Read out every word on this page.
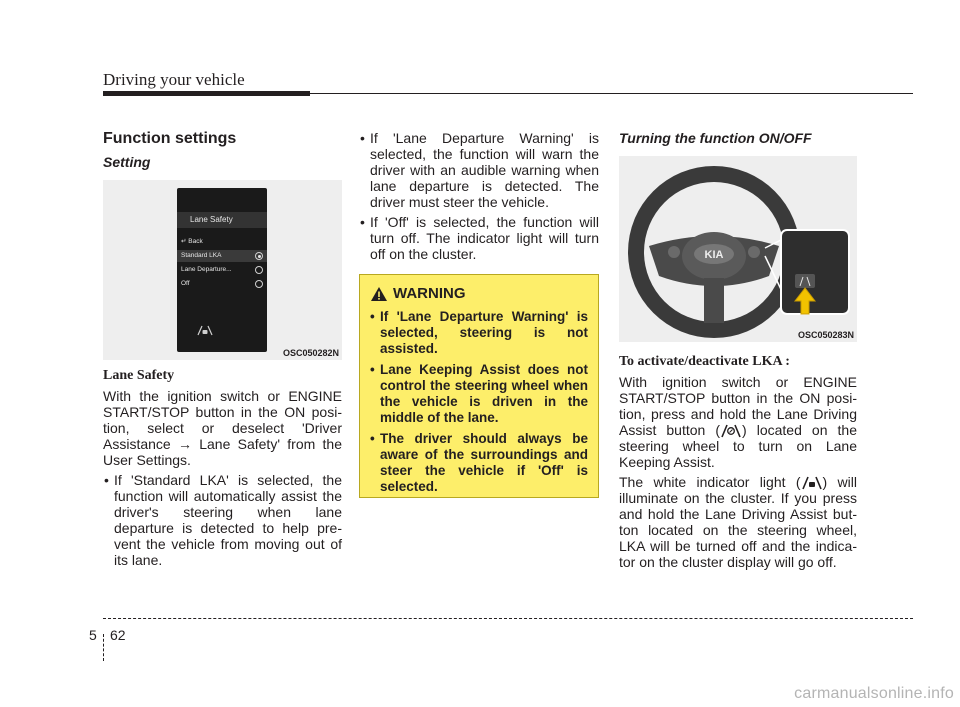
Driving your vehicle
Function settings
Setting
Lane Safety
↵ Back
Standard LKA
Lane Departure...
Off
OSC050282N
Lane Safety

With the ignition switch or ENGINE START/STOP button in the ON posi-tion, select or deselect 'Driver Assistance → Lane Safety' from the User Settings.

• If 'Standard LKA' is selected, the function will automatically assist the driver's steering when lane departure is detected to help pre-vent the vehicle from moving out of its lane.
• If 'Lane Departure Warning' is selected, the function will warn the driver with an audible warning when lane departure is detected. The driver must steer the vehicle.
• If 'Off' is selected, the function will turn off. The indicator light will turn off on the cluster.
WARNING
• If 'Lane Departure Warning' is selected, steering is not assisted.
• Lane Keeping Assist does not control the steering wheel when the vehicle is driven in the middle of the lane.
• The driver should always be aware of the surroundings and steer the vehicle if 'Off' is selected.
Turning the function ON/OFF
KIA
OSC050283N
To activate/deactivate LKA :

With ignition switch or ENGINE START/STOP button in the ON posi-tion, press and hold the Lane Driving Assist button ( ) located on the steering wheel to turn on Lane Keeping Assist.

The white indicator light ( ) will illuminate on the cluster. If you press and hold the Lane Driving Assist but-ton located on the steering wheel, LKA will be turned off and the indica-tor on the cluster display will go off.

5 62
carmanualsonline.info
